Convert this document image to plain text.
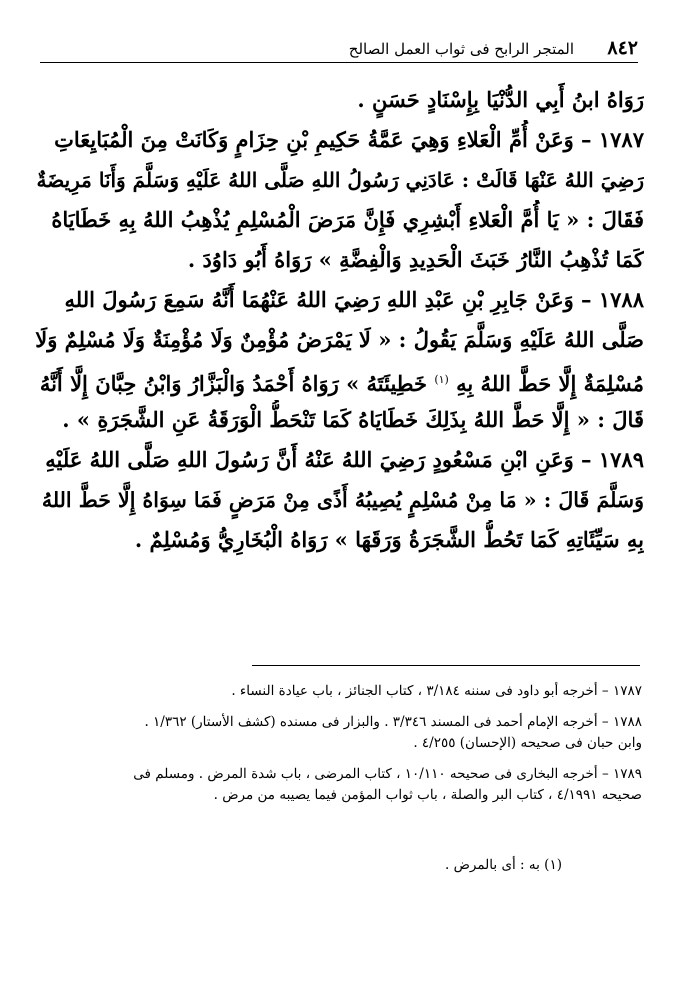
٨٤٢
المتجر الرابح فى ثواب العمل الصالح
رَوَاهُ ابنُ أَبِي الدُّنْيَا بِإِسْنَادٍ حَسَنٍ .
١٧٨٧ – وَعَنْ أُمِّ الْعَلاءِ وَهِيَ عَمَّةُ حَكِيمِ بْنِ حِزَامٍ وَكَانَتْ مِنَ الْمُبَايِعَاتِ
رَضِيَ اللهُ عَنْهَا قَالَتْ : عَادَنِي رَسُولُ اللهِ صَلَّى اللهُ عَلَيْهِ وَسَلَّمَ وَأَنَا مَرِيضَةٌ
فَقَالَ : « يَا أُمَّ الْعَلاءِ أَبْشِرِي فَإِنَّ مَرَضَ الْمُسْلِمِ يُذْهِبُ اللهُ بِهِ خَطَايَاهُ
كَمَا تُذْهِبُ النَّارُ خَبَثَ الْحَدِيدِ وَالْفِضَّةِ » رَوَاهُ أَبُو دَاوُدَ .
١٧٨٨ – وَعَنْ جَابِرِ بْنِ عَبْدِ اللهِ رَضِيَ اللهُ عَنْهُمَا أَنَّهُ سَمِعَ رَسُولَ اللهِ
صَلَّى اللهُ عَلَيْهِ وَسَلَّمَ يَقُولُ : « لَا يَمْرَضُ مُؤْمِنٌ وَلَا مُؤْمِنَةٌ وَلَا مُسْلِمٌ وَلَا
مُسْلِمَةٌ إِلَّا حَطَّ اللهُ بِهِ $^{(١)}$ خَطِيئَتَهُ » رَوَاهُ أَحْمَدُ وَالْبَزَّارُ وَابْنُ حِبَّانَ إِلَّا أَنَّهُ
قَالَ : « إِلَّا حَطَّ اللهُ بِذَلِكَ خَطَايَاهُ كَمَا تَنْحَطُّ الْوَرَقَةُ عَنِ الشَّجَرَةِ » .
١٧٨٩ – وَعَنِ ابْنِ مَسْعُودٍ رَضِيَ اللهُ عَنْهُ أَنَّ رَسُولَ اللهِ صَلَّى اللهُ عَلَيْهِ
وَسَلَّمَ قَالَ : « مَا مِنْ مُسْلِمٍ يُصِيبُهُ أَذًى مِنْ مَرَضٍ فَمَا سِوَاهُ إِلَّا حَطَّ اللهُ
بِهِ سَيِّئَاتِهِ كَمَا تَحُطُّ الشَّجَرَةُ وَرَقَهَا » رَوَاهُ الْبُخَارِيُّ وَمُسْلِمٌ .
١٧٨٧ – أخرجه أبو داود فى سننه ٣/١٨٤ ، كتاب الجنائز ، باب عيادة النساء .
١٧٨٨ – أخرجه الإمام أحمد فى المسند ٣/٣٤٦ . والبزار فى مسنده (كشف الأستار) ١/٣٦٢ .
وابن حبان فى صحيحه (الإحسان) ٤/٢٥٥ .
١٧٨٩ – أخرجه البخارى فى صحيحه ١٠/١١٠ ، كتاب المرضى ، باب شدة المرض . ومسلم فى
صحيحه ٤/١٩٩١ ، كتاب البر والصلة ، باب ثواب المؤمن فيما يصيبه من مرض .
(١) به : أى بالمرض .
